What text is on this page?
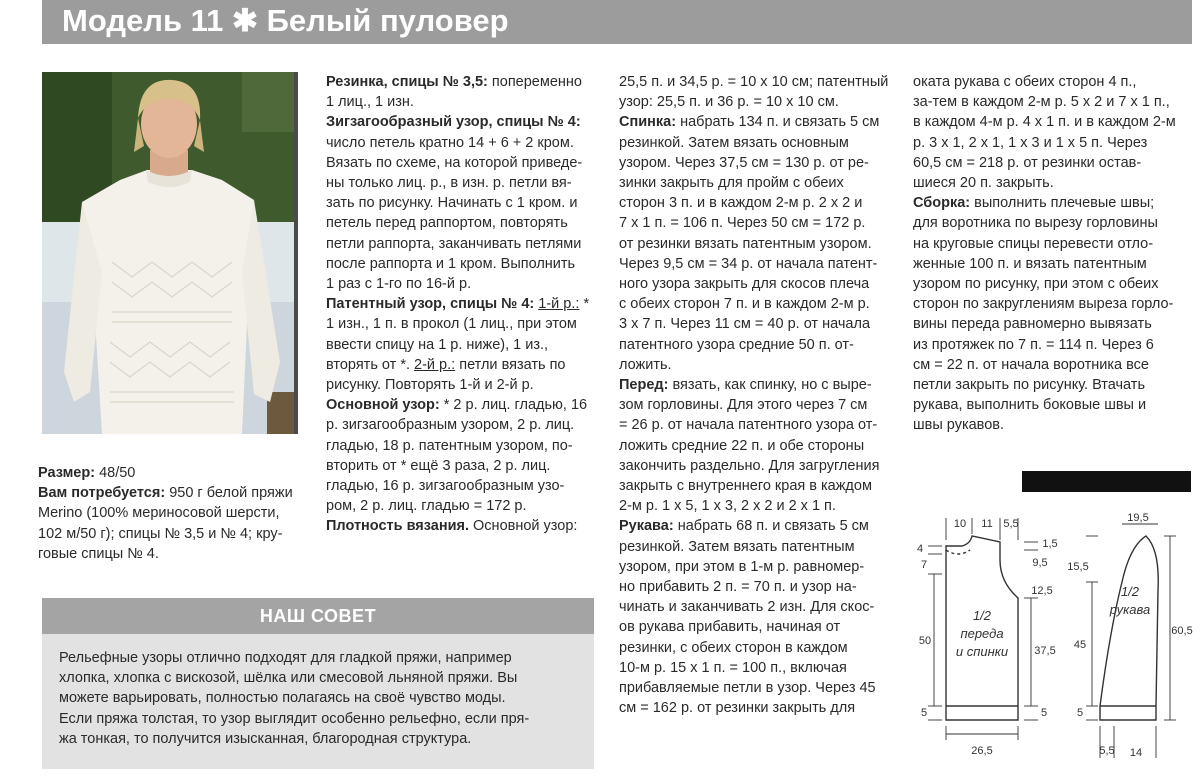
Модель 11 ✱ Белый пуловер

Размер: 48/50

Вам потребуется: 950 г белой пряжи

Merino (100% мериносовой шерсти,

102 м/50 г); спицы № 3,5 и № 4; кру-

говые спицы № 4.

Резинка, спицы № 3,5: попеременно

1 лиц., 1 изн.

Зигзагообразный узор, спицы № 4:

число петель кратно 14 + 6 + 2 кром.

Вязать по схеме, на которой приведе-

ны только лиц. р., в изн. р. петли вя-

зать по рисунку. Начинать с 1 кром. и

петель перед раппортом, повторять

петли раппорта, заканчивать петлями

после раппорта и 1 кром. Выполнить

1 раз с 1-го по 16-й р.

Патентный узор, спицы № 4: 1-й р.: *

1 изн., 1 п. в прокол (1 лиц., при этом

ввести спицу на 1 р. ниже), 1 из.,

вторять от *. 2-й р.: петли вязать по

рисунку. Повторять 1-й и 2-й р.

Основной узор: * 2 р. лиц. гладью, 16

р. зигзагообразным узором, 2 р. лиц.

гладью, 18 р. патентным узором, по-

вторить от * ещё 3 раза, 2 р. лиц.

гладью, 16 р. зигзагообразным узо-

ром, 2 р. лиц. гладью = 172 р.

Плотность вязания. Основной узор:

25,5 п. и 34,5 р. = 10 х 10 см; патентный

узор: 25,5 п. и 36 р. = 10 х 10 см.

Спинка: набрать 134 п. и связать 5 см

резинкой. Затем вязать основным

узором. Через 37,5 см = 130 р. от ре-

зинки закрыть для пройм с обеих

сторон 3 п. и в каждом 2-м р. 2 х 2 и

7 х 1 п. = 106 п. Через 50 см = 172 р.

от резинки вязать патентным узором.

Через 9,5 см = 34 р. от начала патент-

ного узора закрыть для скосов плеча

с обеих сторон 7 п. и в каждом 2-м р.

3 х 7 п. Через 11 см = 40 р. от начала

патентного узора средние 50 п. от-

ложить.

Перед: вязать, как спинку, но с выре-

зом горловины. Для этого через 7 см

= 26 р. от начала патентного узора от-

ложить средние 22 п. и обе стороны

закончить раздельно. Для загругления

закрыть с внутреннего края в каждом

2-м р. 1 х 5, 1 х 3, 2 х 2 и 2 х 1 п.

Рукава: набрать 68 п. и связать 5 см

резинкой. Затем вязать патентным

узором, при этом в 1-м р. равномер-

но прибавить 2 п. = 70 п. и узор на-

чинать и заканчивать 2 изн. Для скос-

ов рукава прибавить, начиная от

резинки, с обеих сторон в каждом

10-м р. 15 х 1 п. = 100 п., включая

прибавляемые петли в узор. Через 45

см = 162 р. от резинки закрыть для

оката рукава с обеих сторон 4 п.,

за-тем в каждом 2-м р. 5 х 2 и 7 х 1 п.,

в каждом 4-м р. 4 х 1 п. и в каждом 2-м

р. 3 х 1, 2 х 1, 1 х 3 и 1 х 5 п. Через

60,5 см = 218 р. от резинки остав-

шиеся 20 п. закрыть.

Сборка: выполнить плечевые швы;

для воротника по вырезу горловины

на круговые спицы перевести отло-

женные 100 п. и вязать патентным

узором по рисунку, при этом с обеих

сторон по закруглениям выреза горло-

вины переда равномерно вывязать

из протяжек по 7 п. = 114 п. Через 6

см = 22 п. от начала воротника все

петли закрыть по рисунку. Втачать

рукава, выполнить боковые швы и

швы рукавов.

НАШ СОВЕТ
Рельефные узоры отлично подходят для гладкой пряжи, например
хлопка, хлопка с вискозой, шёлка или смесовой льняной пряжи. Вы
можете варьировать, полностью полагаясь на своё чувство моды.
Если пряжа толстая, то узор выглядит особенно рельефно, если пря-
жа тонкая, то получится изысканная, благородная структура.
1/2
переда
и спинки
1/2
рукава
10 11 5,5
4
7
50
5
1,5
9,5
12,5
37,5
5
26,5
19,5
15,5
45
5
60,5
5,5 14
